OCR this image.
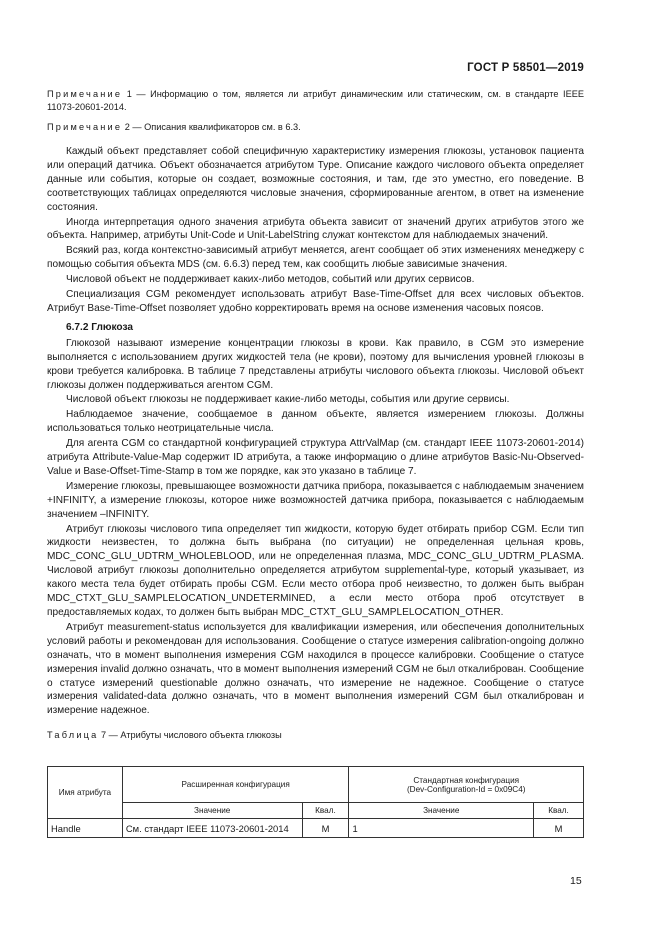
ГОСТ Р 58501—2019

Примечание 1 — Информацию о том, является ли атрибут динамическим или статическим, см. в стандарте IEEE 11073-20601-2014.

Примечание 2 — Описания квалификаторов см. в 6.3.

Каждый объект представляет собой специфичную характеристику измерения глюкозы, установок пациента или операций датчика. Объект обозначается атрибутом Type. Описание каждого числового объекта определяет данные или события, которые он создает, возможные состояния, и там, где это уместно, его поведение. В соответствующих таблицах определяются числовые значения, сформированные агентом, в ответ на изменение состояния.

Иногда интерпретация одного значения атрибута объекта зависит от значений других атрибутов этого же объекта. Например, атрибуты Unit-Code и Unit-LabelString служат контекстом для наблюдаемых значений.

Всякий раз, когда контекстно-зависимый атрибут меняется, агент сообщает об этих изменениях менеджеру с помощью события объекта MDS (см. 6.6.3) перед тем, как сообщить любые зависимые значения.

Числовой объект не поддерживает каких-либо методов, событий или других сервисов.

Специализация CGM рекомендует использовать атрибут Base-Time-Offset для всех числовых объектов. Атрибут Base-Time-Offset позволяет удобно корректировать время на основе изменения часовых поясов.

6.7.2 Глюкоза

Глюкозой называют измерение концентрации глюкозы в крови. Как правило, в CGM это измерение выполняется с использованием других жидкостей тела (не крови), поэтому для вычисления уровней глюкозы в крови требуется калибровка. В таблице 7 представлены атрибуты числового объекта глюкозы. Числовой объект глюкозы должен поддерживаться агентом CGM.

Числовой объект глюкозы не поддерживает какие-либо методы, события или другие сервисы.

Наблюдаемое значение, сообщаемое в данном объекте, является измерением глюкозы. Должны использоваться только неотрицательные числа.

Для агента CGM со стандартной конфигурацией структура AttrValMap (см. стандарт IEEE 11073-20601-2014) атрибута Attribute-Value-Map содержит ID атрибута, а также информацию о длине атрибутов Basic-Nu-Observed-Value и Base-Offset-Time-Stamp в том же порядке, как это указано в таблице 7.

Измерение глюкозы, превышающее возможности датчика прибора, показывается с наблюдаемым значением +INFINITY, а измерение глюкозы, которое ниже возможностей датчика прибора, показывается с наблюдаемым значением –INFINITY.

Атрибут глюкозы числового типа определяет тип жидкости, которую будет отбирать прибор CGM. Если тип жидкости неизвестен, то должна быть выбрана (по ситуации) не определенная цельная кровь, MDC_CONC_GLU_UDTRM_WHOLEBLOOD, или не определенная плазма, MDC_CONC_GLU_UDTRM_PLASMA. Числовой атрибут глюкозы дополнительно определяется атрибутом supplemental-type, который указывает, из какого места тела будет отбирать пробы CGM. Если место отбора проб неизвестно, то должен быть выбран MDC_CTXT_GLU_SAMPLELOCATION_UNDETERMINED, а если место отбора проб отсутствует в предоставляемых кодах, то должен быть выбран MDC_CTXT_GLU_SAMPLELOCATION_OTHER.

Атрибут measurement-status используется для квалификации измерения, или обеспечения дополнительных условий работы и рекомендован для использования. Сообщение о статусе измерения calibration-ongoing должно означать, что в момент выполнения измерения CGM находился в процессе калибровки. Сообщение о статусе измерения invalid должно означать, что в момент выполнения измерений CGM не был откалиброван. Сообщение о статусе измерений questionable должно означать, что измерение не надежное. Сообщение о статусе измерения validated-data должно означать, что в момент выполнения измерений CGM был откалиброван и измерение надежное.

Таблица 7 — Атрибуты числового объекта глюкозы
Имя атрибута	Расширенная конфигурация		Стандартная конфигурация
(Dev-Configuration-Id = 0x09C4)	

	Значение	Квал.	Значение	Квал.
Handle	См. стандарт IEEE 11073-20601-2014	M	1	M
15
